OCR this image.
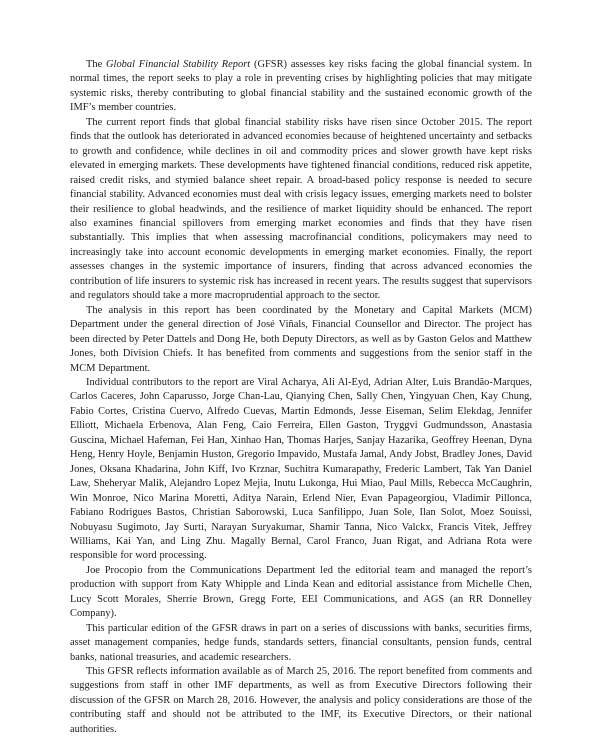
The Global Financial Stability Report (GFSR) assesses key risks facing the global financial system. In normal times, the report seeks to play a role in preventing crises by highlighting policies that may mitigate systemic risks, thereby contributing to global financial stability and the sustained economic growth of the IMF’s member countries.

The current report finds that global financial stability risks have risen since October 2015. The report finds that the outlook has deteriorated in advanced economies because of heightened uncertainty and setbacks to growth and confidence, while declines in oil and commodity prices and slower growth have kept risks elevated in emerging markets. These developments have tightened financial conditions, reduced risk appetite, raised credit risks, and stymied balance sheet repair. A broad-based policy response is needed to secure financial stability. Advanced economies must deal with crisis legacy issues, emerging markets need to bolster their resilience to global headwinds, and the resilience of market liquidity should be enhanced. The report also examines financial spillovers from emerging market economies and finds that they have risen substantially. This implies that when assessing macrofinancial conditions, policymakers may need to increasingly take into account economic developments in emerging market economies. Finally, the report assesses changes in the systemic importance of insurers, finding that across advanced economies the contribution of life insurers to systemic risk has increased in recent years. The results suggest that supervisors and regulators should take a more macroprudential approach to the sector.

The analysis in this report has been coordinated by the Monetary and Capital Markets (MCM) Department under the general direction of José Viñals, Financial Counsellor and Director. The project has been directed by Peter Dattels and Dong He, both Deputy Directors, as well as by Gaston Gelos and Matthew Jones, both Division Chiefs. It has benefited from comments and suggestions from the senior staff in the MCM Department.

Individual contributors to the report are Viral Acharya, Ali Al-Eyd, Adrian Alter, Luis Brandão-Marques, Carlos Caceres, John Caparusso, Jorge Chan-Lau, Qianying Chen, Sally Chen, Yingyuan Chen, Kay Chung, Fabio Cortes, Cristina Cuervo, Alfredo Cuevas, Martin Edmonds, Jesse Eiseman, Selim Elekdag, Jennifer Elliott, Michaela Erbenova, Alan Feng, Caio Ferreira, Ellen Gaston, Tryggvi Gudmundsson, Anastasia Guscina, Michael Hafeman, Fei Han, Xinhao Han, Thomas Harjes, Sanjay Hazarika, Geoffrey Heenan, Dyna Heng, Henry Hoyle, Benjamin Huston, Gregorio Impavido, Mustafa Jamal, Andy Jobst, Bradley Jones, David Jones, Oksana Khadarina, John Kiff, Ivo Krznar, Suchitra Kumarapathy, Frederic Lambert, Tak Yan Daniel Law, Sheheryar Malik, Alejandro Lopez Mejia, Inutu Lukonga, Hui Miao, Paul Mills, Rebecca McCaughrin, Win Monroe, Nico Marina Moretti, Aditya Narain, Erlend Nier, Evan Papageorgiou, Vladimir Pillonca, Fabiano Rodrigues Bastos, Christian Saborowski, Luca Sanfilippo, Juan Sole, Ilan Solot, Moez Souissi, Nobuyasu Sugimoto, Jay Surti, Narayan Suryakumar, Shamir Tanna, Nico Valckx, Francis Vitek, Jeffrey Williams, Kai Yan, and Ling Zhu. Magally Bernal, Carol Franco, Juan Rigat, and Adriana Rota were responsible for word processing.

Joe Procopio from the Communications Department led the editorial team and managed the report’s production with support from Katy Whipple and Linda Kean and editorial assistance from Michelle Chen, Lucy Scott Morales, Sherrie Brown, Gregg Forte, EEI Communications, and AGS (an RR Donnelley Company).

This particular edition of the GFSR draws in part on a series of discussions with banks, securities firms, asset management companies, hedge funds, standards setters, financial consultants, pension funds, central banks, national treasuries, and academic researchers.

This GFSR reflects information available as of March 25, 2016. The report benefited from comments and suggestions from staff in other IMF departments, as well as from Executive Directors following their discussion of the GFSR on March 28, 2016. However, the analysis and policy considerations are those of the contributing staff and should not be attributed to the IMF, its Executive Directors, or their national authorities.
